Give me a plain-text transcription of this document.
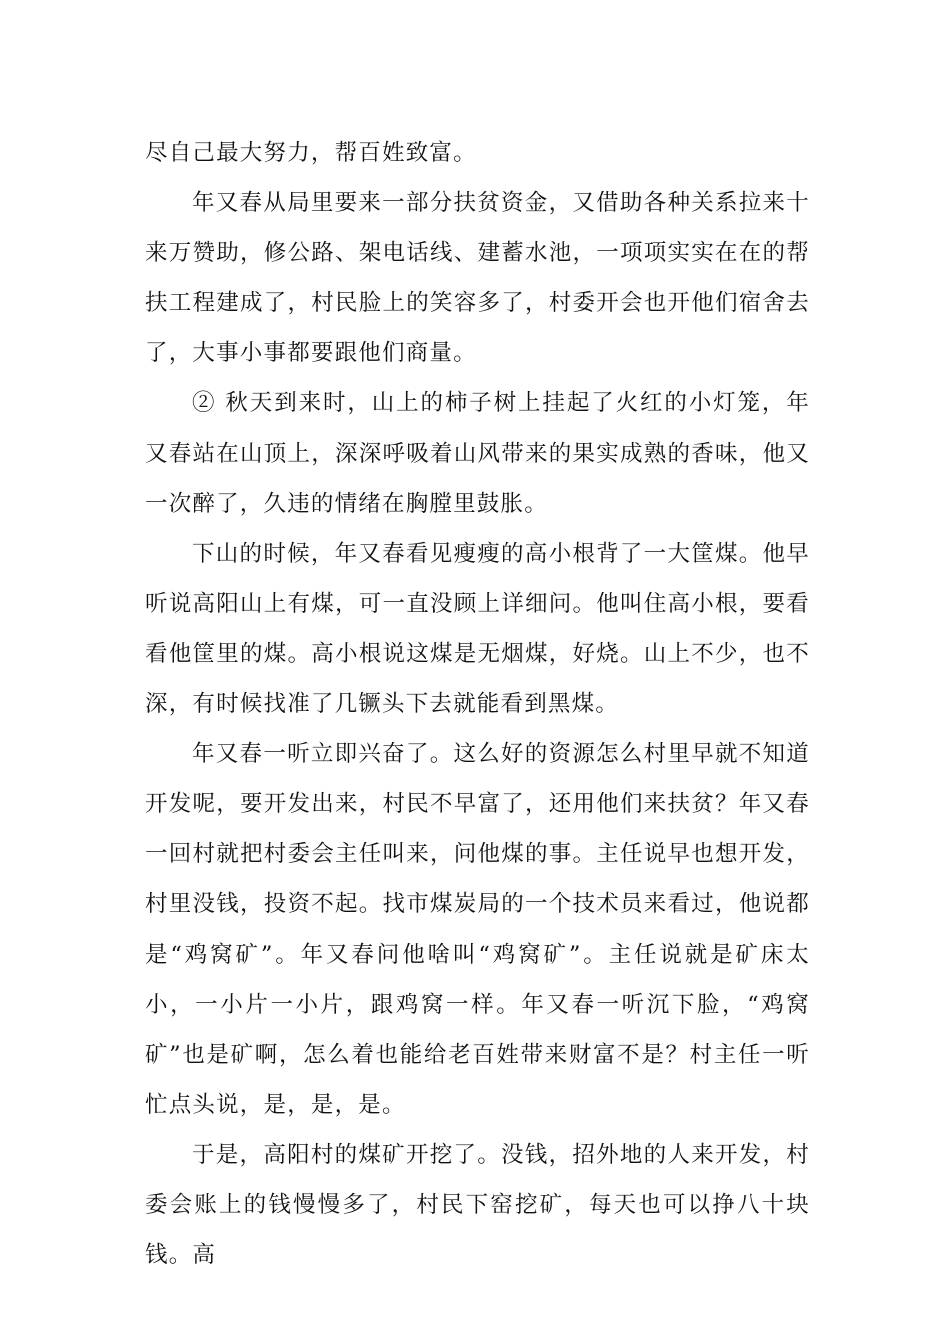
尽自己最大努力，帮百姓致富。

年又春从局里要来一部分扶贫资金，又借助各种关系拉来十来万赞助，修公路、架电话线、建蓄水池，一项项实实在在的帮扶工程建成了，村民脸上的笑容多了，村委开会也开他们宿舍去了，大事小事都要跟他们商量。

② 秋天到来时，山上的柿子树上挂起了火红的小灯笼，年又春站在山顶上，深深呼吸着山风带来的果实成熟的香味，他又一次醉了，久违的情绪在胸膛里鼓胀。

下山的时候，年又春看见瘦瘦的高小根背了一大筐煤。他早听说高阳山上有煤，可一直没顾上详细问。他叫住高小根，要看看他筐里的煤。高小根说这煤是无烟煤，好烧。山上不少，也不深，有时候找准了几镢头下去就能看到黑煤。

年又春一听立即兴奋了。这么好的资源怎么村里早就不知道开发呢，要开发出来，村民不早富了，还用他们来扶贫？年又春一回村就把村委会主任叫来，问他煤的事。主任说早也想开发，村里没钱，投资不起。找市煤炭局的一个技术员来看过，他说都是“鸡窝矿”。年又春问他啥叫“鸡窝矿”。主任说就是矿床太小，一小片一小片，跟鸡窝一样。年又春一听沉下脸，“鸡窝矿”也是矿啊，怎么着也能给老百姓带来财富不是？村主任一听忙点头说，是，是，是。

于是，高阳村的煤矿开挖了。没钱，招外地的人来开发，村委会账上的钱慢慢多了，村民下窑挖矿，每天也可以挣八十块钱。高
